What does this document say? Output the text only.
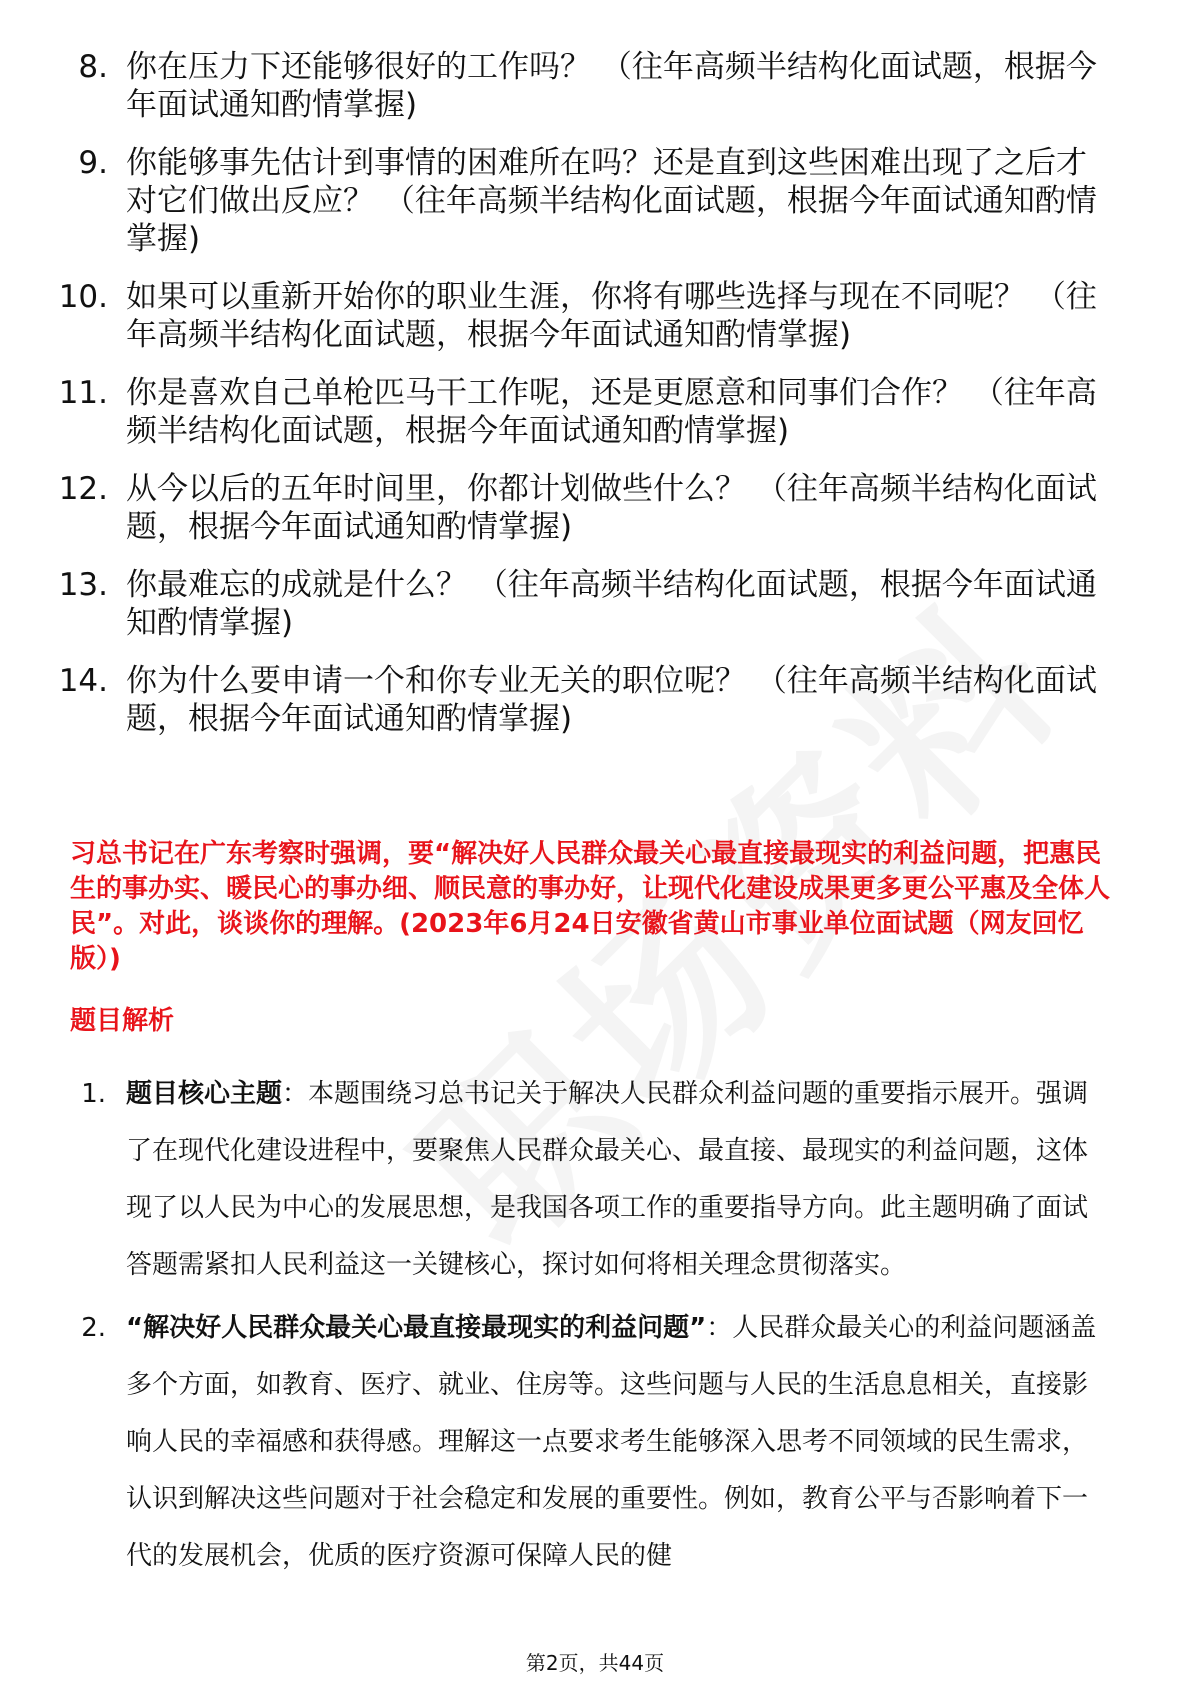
8. 你在压力下还能够很好的工作吗？ （往年高频半结构化面试题，根据今年面试通知酌情掌握)
9. 你能够事先估计到事情的困难所在吗？还是直到这些困难出现了之后才对它们做出反应？ （往年高频半结构化面试题，根据今年面试通知酌情掌握)
10. 如果可以重新开始你的职业生涯，你将有哪些选择与现在不同呢？ （往年高频半结构化面试题，根据今年面试通知酌情掌握)
11. 你是喜欢自己单枪匹马干工作呢，还是更愿意和同事们合作？ （往年高频半结构化面试题，根据今年面试通知酌情掌握)
12. 从今以后的五年时间里，你都计划做些什么？ （往年高频半结构化面试题，根据今年面试通知酌情掌握)
13. 你最难忘的成就是什么？ （往年高频半结构化面试题，根据今年面试通知酌情掌握)
14. 你为什么要申请一个和你专业无关的职位呢？ （往年高频半结构化面试题，根据今年面试通知酌情掌握)
习总书记在广东考察时强调，要“解决好人民群众最关心最直接最现实的利益问题，把惠民生的事办实、暖民心的事办细、顺民意的事办好，让现代化建设成果更多更公平惠及全体人民”。对此，谈谈你的理解。(2023年6月24日安徽省黄山市事业单位面试题（网友回忆版）)
题目解析
1. 题目核心主题：本题围绕习总书记关于解决人民群众利益问题的重要指示展开。强调了在现代化建设进程中，要聚焦人民群众最关心、最直接、最现实的利益问题，这体现了以人民为中心的发展思想，是我国各项工作的重要指导方向。此主题明确了面试答题需紧扣人民利益这一关键核心，探讨如何将相关理念贯彻落实。
2. “解决好人民群众最关心最直接最现实的利益问题”：人民群众最关心的利益问题涵盖多个方面，如教育、医疗、就业、住房等。这些问题与人民的生活息息相关，直接影响人民的幸福感和获得感。理解这一点要求考生能够深入思考不同领域的民生需求，认识到解决这些问题对于社会稳定和发展的重要性。例如，教育公平与否影响着下一代的发展机会，优质的医疗资源可保障人民的健
第2页，共44页
